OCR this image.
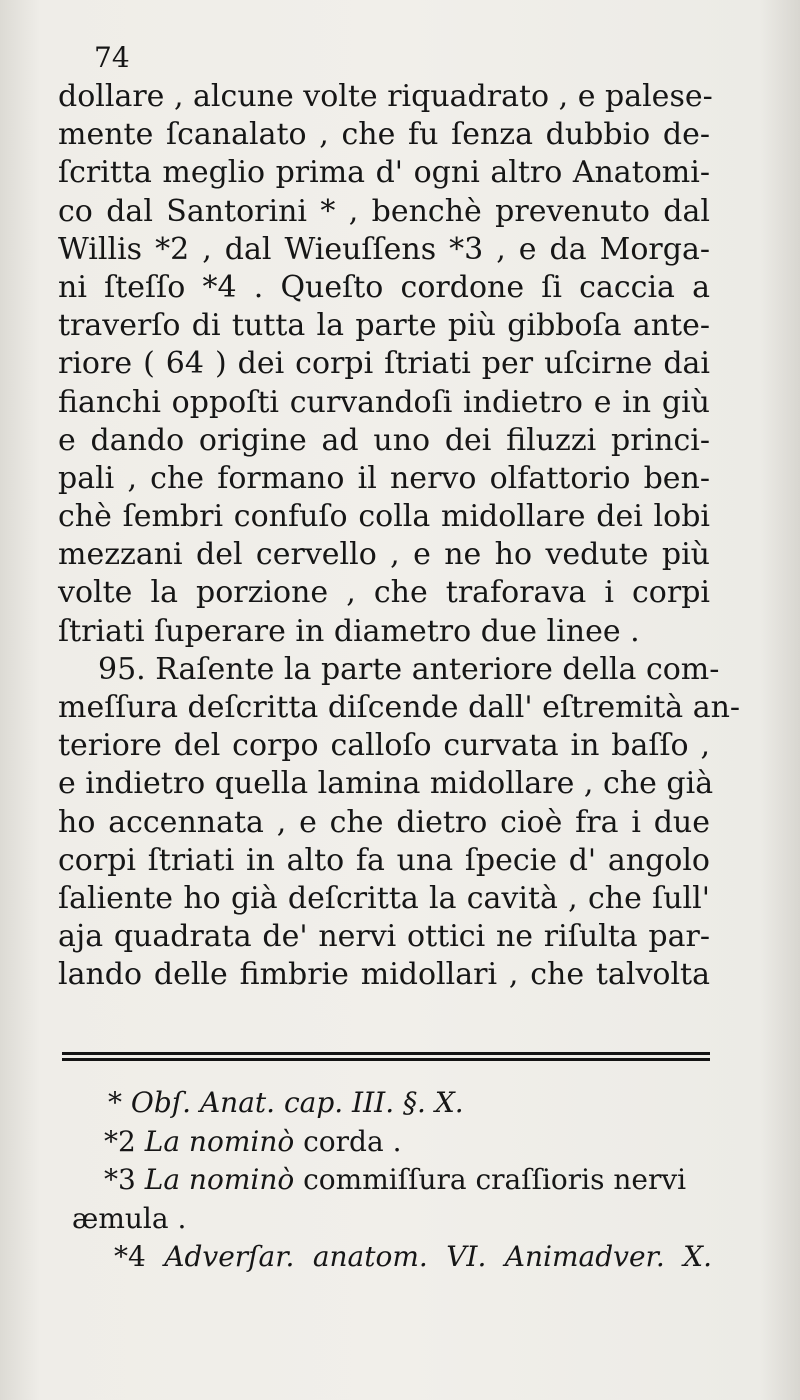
74
dollare , alcune volte riquadrato , e palese-
mente ſcanalato , che fu ſenza dubbio de-
ſcritta meglio prima d' ogni altro Anatomi-
co dal Santorini * , benchè prevenuto dal
Willis *2 , dal Wieuſſens *3 , e da Morga-
ni ſteſſo *4 . Queſto cordone ſi caccia a
traverſo di tutta la parte più gibboſa ante-
riore ( 64 ) dei corpi ſtriati per uſcirne dai
fianchi oppoſti curvandoſi indietro e in giù
e dando origine ad uno dei filuzzi princi-
pali , che formano il nervo olfattorio ben-
chè ſembri confuſo colla midollare dei lobi
mezzani del cervello , e ne ho vedute più
volte la porzione , che traforava i corpi
ſtriati ſuperare in diametro due linee .
95. Raſente la parte anteriore della com-
meſſura deſcritta diſcende dall' eſtremità an-
teriore del corpo calloſo curvata in baſſo ,
e indietro quella lamina midollare , che già
ho accennata , e che dietro cioè fra i due
corpi ſtriati in alto fa una ſpecie d' angolo
ſaliente ho già deſcritta la cavità , che ſull'
aja quadrata de' nervi ottici ne riſulta par-
lando delle fimbrie midollari , che talvolta
* Obſ. Anat. cap. III. §. X.
*2 La nominò corda .
*3 La nominò commiſſura craſſioris nervi
æmula .
*4 Adverſar. anatom. VI. Animadver. X.
